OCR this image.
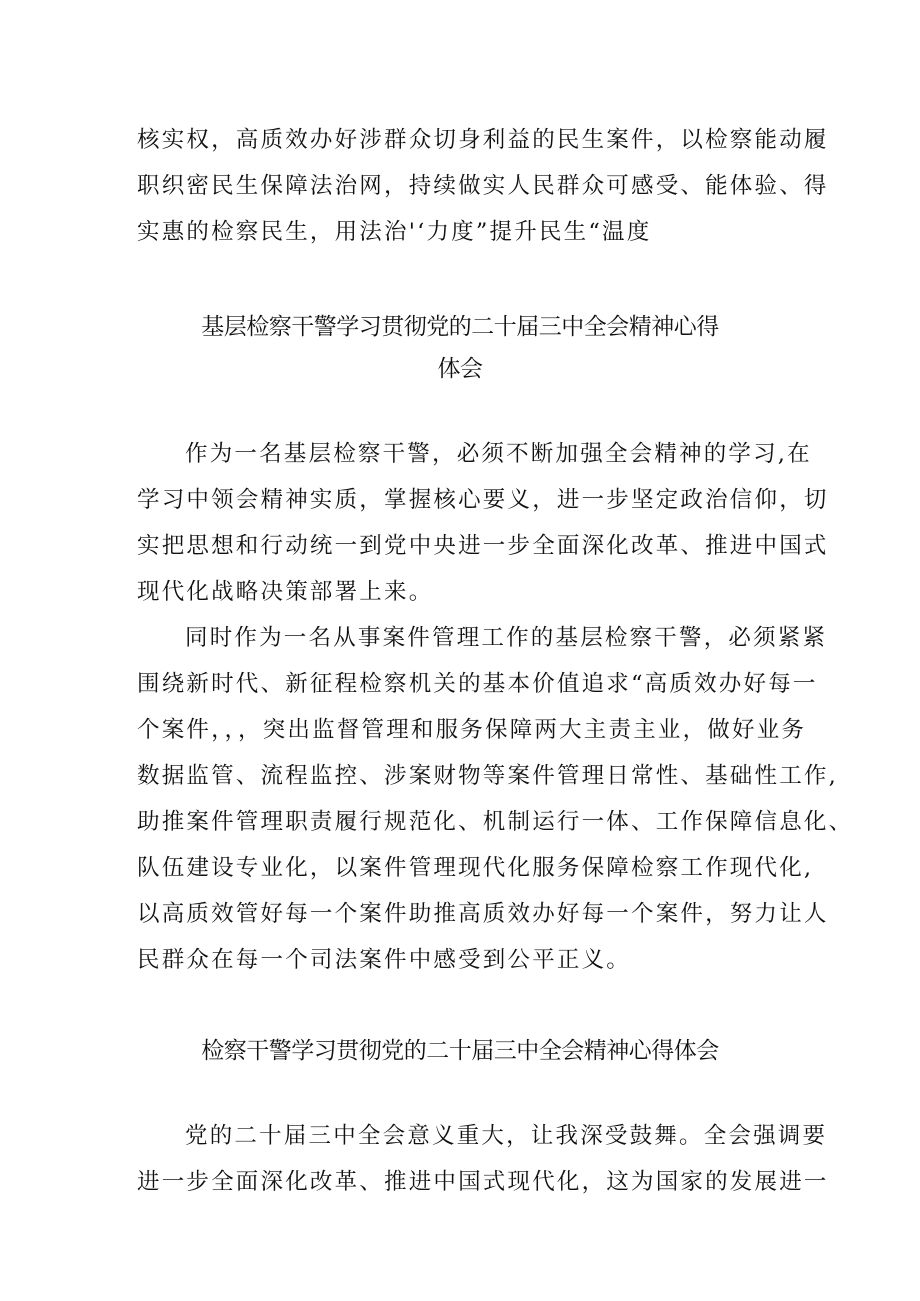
核实权，高质效办好涉群众切身利益的民生案件，以检察能动履
职织密民生保障法治网，持续做实人民群众可感受、能体验、得
实惠的检察民生，用法治'‘力度”提升民生“温度
基层检察干警学习贯彻党的二十届三中全会精神心得
体会
作为一名基层检察干警，必须不断加强全会精神的学习,在
学习中领会精神实质，掌握核心要义，进一步坚定政治信仰，切
实把思想和行动统一到党中央进一步全面深化改革、推进中国式
现代化战略决策部署上来。
同时作为一名从事案件管理工作的基层检察干警，必须紧紧
围绕新时代、新征程检察机关的基本价值追求“高质效办好每一
个案件，，，突出监督管理和服务保障两大主责主业，做好业务
数据监管、流程监控、涉案财物等案件管理日常性、基础性工作,
助推案件管理职责履行规范化、机制运行一体、工作保障信息化、
队伍建设专业化，以案件管理现代化服务保障检察工作现代化,
以高质效管好每一个案件助推高质效办好每一个案件，努力让人
民群众在每一个司法案件中感受到公平正义。
检察干警学习贯彻党的二十届三中全会精神心得体会
党的二十届三中全会意义重大，让我深受鼓舞。全会强调要
进一步全面深化改革、推进中国式现代化，这为国家的发展进一
